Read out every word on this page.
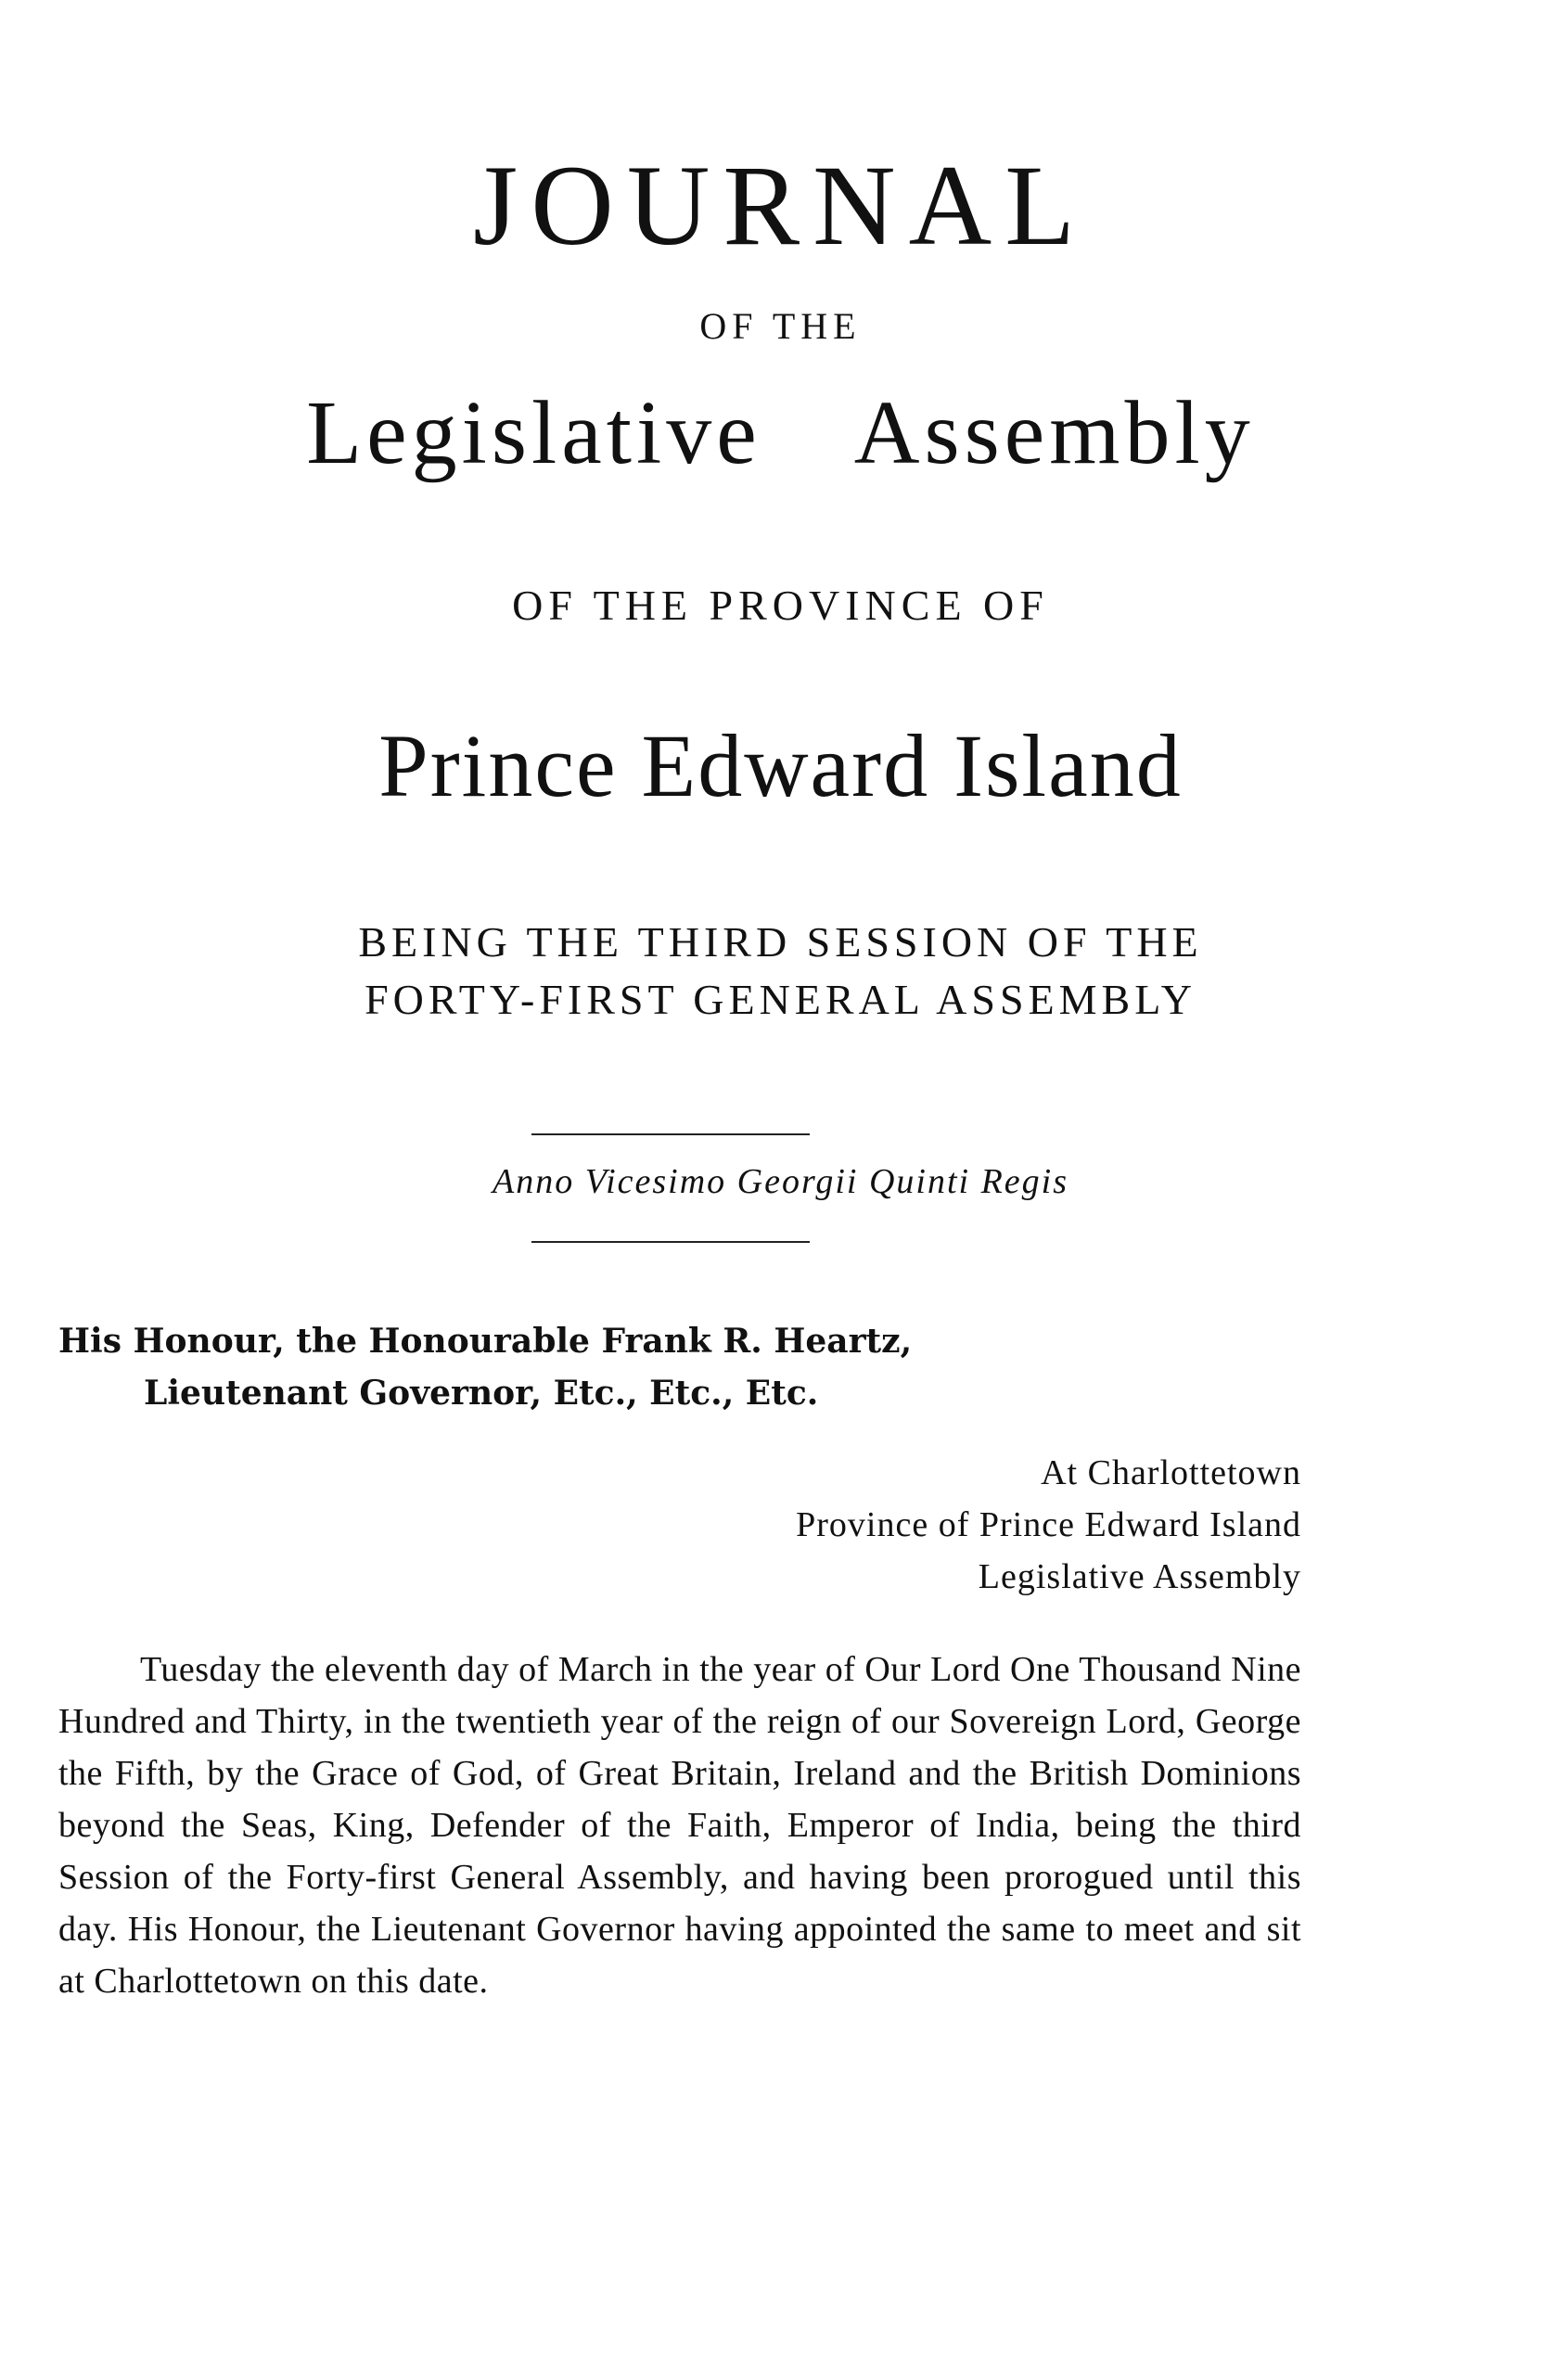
JOURNAL
OF THE
Legislative Assembly
OF THE PROVINCE OF
Prince Edward Island
BEING THE THIRD SESSION OF THE
FORTY-FIRST GENERAL ASSEMBLY
Anno Vicesimo Georgii Quinti Regis
His Honour, the Honourable Frank R. Heartz,
Lieutenant Governor, Etc., Etc., Etc.
At Charlottetown
Province of Prince Edward Island
Legislative Assembly

Tuesday the eleventh day of March in the year of Our Lord One Thousand Nine Hundred and Thirty, in the twentieth year of the reign of our Sovereign Lord, George the Fifth, by the Grace of God, of Great Britain, Ireland and the British Dominions beyond the Seas, King, Defender of the Faith, Emperor of India, being the third Session of the Forty-first General Assembly, and having been prorogued until this day. His Honour, the Lieutenant Governor having appointed the same to meet and sit at Charlottetown on this date.
